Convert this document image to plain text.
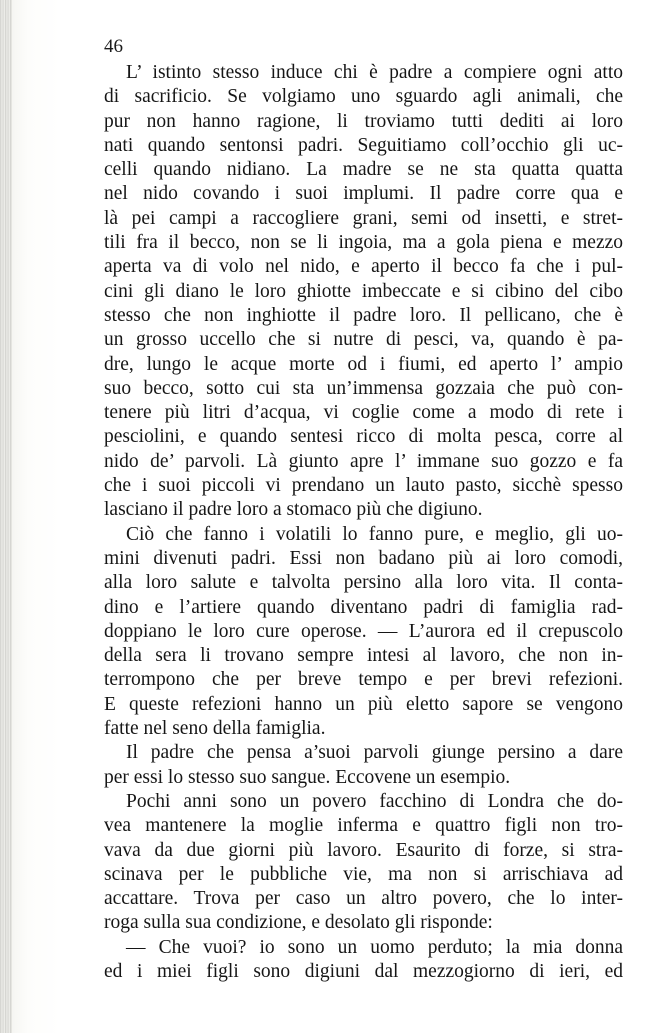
46
L’ istinto stesso induce chi è padre a compiere ogni atto
di sacrificio. Se volgiamo uno sguardo agli animali, che
pur non hanno ragione, li troviamo tutti dediti ai loro
nati quando sentonsi padri. Seguitiamo coll’occhio gli uc-
celli quando nidiano. La madre se ne sta quatta quatta
nel nido covando i suoi implumi. Il padre corre qua e
là pei campi a raccogliere grani, semi od insetti, e stret-
tili fra il becco, non se li ingoia, ma a gola piena e mezzo
aperta va di volo nel nido, e aperto il becco fa che i pul-
cini gli diano le loro ghiotte imbeccate e si cibino del cibo
stesso che non inghiotte il padre loro. Il pellicano, che è
un grosso uccello che si nutre di pesci, va, quando è pa-
dre, lungo le acque morte od i fiumi, ed aperto l’ ampio
suo becco, sotto cui sta un’immensa gozzaia che può con-
tenere più litri d’acqua, vi coglie come a modo di rete i
pesciolini, e quando sentesi ricco di molta pesca, corre al
nido de’ parvoli. Là giunto apre l’ immane suo gozzo e fa
che i suoi piccoli vi prendano un lauto pasto, sicchè spesso
lasciano il padre loro a stomaco più che digiuno.
Ciò che fanno i volatili lo fanno pure, e meglio, gli uo-
mini divenuti padri. Essi non badano più ai loro comodi,
alla loro salute e talvolta persino alla loro vita. Il conta-
dino e l’artiere quando diventano padri di famiglia rad-
doppiano le loro cure operose. — L’aurora ed il crepuscolo
della sera li trovano sempre intesi al lavoro, che non in-
terrompono che per breve tempo e per brevi refezioni.
E queste refezioni hanno un più eletto sapore se vengono
fatte nel seno della famiglia.
Il padre che pensa a’suoi parvoli giunge persino a dare
per essi lo stesso suo sangue. Eccovene un esempio.
Pochi anni sono un povero facchino di Londra che do-
vea mantenere la moglie inferma e quattro figli non tro-
vava da due giorni più lavoro. Esaurito di forze, si stra-
scinava per le pubbliche vie, ma non si arrischiava ad
accattare. Trova per caso un altro povero, che lo inter-
roga sulla sua condizione, e desolato gli risponde:
— Che vuoi? io sono un uomo perduto; la mia donna
ed i miei figli sono digiuni dal mezzogiorno di ieri, ed
